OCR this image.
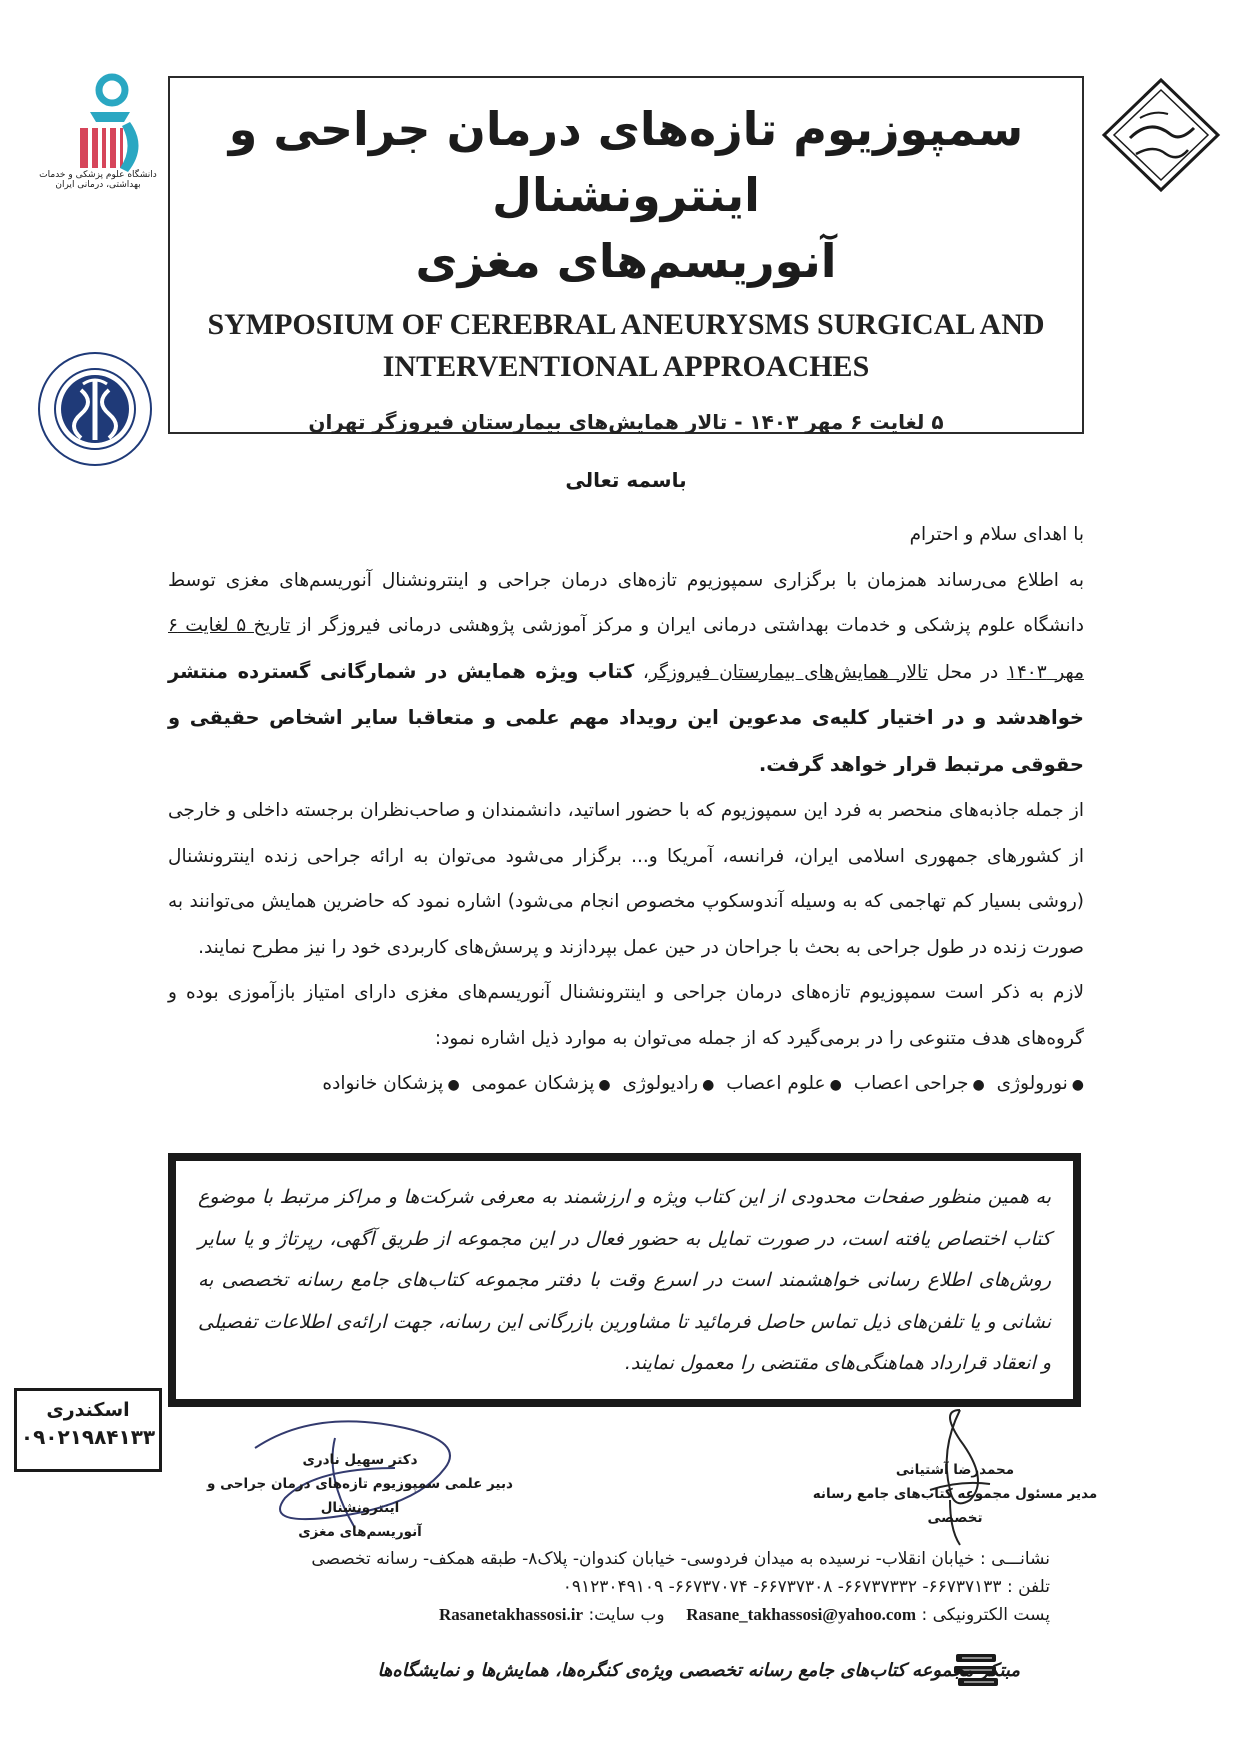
دانشگاه علوم پزشکی و خدمات بهداشتی، درمانی ایران
سمپوزیوم تازه‌های درمان جراحی و اینترونشنال
آنوریسم‌های مغزی
SYMPOSIUM OF CEREBRAL ANEURYSMS SURGICAL AND
INTERVENTIONAL APPROACHES
۵ لغایت ۶ مهر ۱۴۰۳ - تالار همایش‌های بیمارستان فیروزگر تهران
باسمه تعالی

با اهدای سلام و احترام

به اطلاع می‌رساند همزمان با برگزاری سمپوزیوم تازه‌های درمان جراحی و اینترونشنال آنوریسم‌های مغزی توسط دانشگاه علوم پزشکی و خدمات بهداشتی درمانی ایران و مرکز آموزشی پژوهشی درمانی فیروزگر از تاریخ ۵ لغایت ۶ مهر ۱۴۰۳ در محل تالار همایش‌های بیمارستان فیروزگر، کتاب ویژه همایش در شمارگانی گسترده منتشر خواهدشد و در اختیار کلیه‌ی مدعوین این رویداد مهم علمی و متعاقبا سایر اشخاص حقیقی و حقوقی مرتبط قرار خواهد گرفت.

از جمله جاذبه‌های منحصر به فرد این سمپوزیوم که با حضور اساتید، دانشمندان و صاحب‌نظران برجسته داخلی و خارجی از کشورهای جمهوری اسلامی ایران، فرانسه، آمریکا و... برگزار می‌شود می‌توان به ارائه جراحی زنده اینترونشنال (روشی بسیار کم تهاجمی که به وسیله آندوسکوپ مخصوص انجام می‌شود) اشاره نمود که حاضرین همایش می‌توانند به صورت زنده در طول جراحی به بحث با جراحان در حین عمل بپردازند و پرسش‌های کاربردی خود را نیز مطرح نمایند.

لازم به ذکر است سمپوزیوم تازه‌های درمان جراحی و اینترونشنال آنوریسم‌های مغزی دارای امتیاز بازآموزی بوده و گروه‌های هدف متنوعی را در برمی‌گیرد که از جمله می‌توان به موارد ذیل اشاره نمود:

● نورولوژی ● جراحی اعصاب ● علوم اعصاب ● رادیولوژی ● پزشکان عمومی ● پزشکان خانواده
به همین منظور صفحات محدودی از این کتاب ویژه و ارزشمند به معرفی شرکت‌ها و مراکز مرتبط با موضوع کتاب اختصاص یافته است، در صورت تمایل به حضور فعال در این مجموعه از طریق آگهی، رپرتاژ و یا سایر روش‌های اطلاع رسانی خواهشمند است در اسرع وقت با دفتر مجموعه کتاب‌های جامع رسانه تخصصی به نشانی و یا تلفن‌های ذیل تماس حاصل فرمائید تا مشاورین بازرگانی این رسانه، جهت ارائه‌ی اطلاعات تفصیلی و انعقاد قرارداد هماهنگی‌های مقتضی را معمول نمایند.
اسکندری
۰۹۰۲۱۹۸۴۱۳۳
دکتر سهیل نادری
دبیر علمی سمپوزیوم تازه‌های درمان جراحی و اینترونشنال
آنوریسم‌های مغزی
محمدرضا آشتیانی
مدیر مسئول مجموعه کتاب‌های جامع رسانه تخصصی
نشانـــی : خیابان انقلاب- نرسیده به میدان فردوسی- خیابان کندوان- پلاک۸- طبقه همکف- رسانه تخصصی
تلفن : ۶۶۷۳۷۱۳۳- ۶۶۷۳۷۳۳۲- ۶۶۷۳۷۳۰۸- ۶۶۷۳۷۰۷۴- ۰۹۱۲۳۰۴۹۱۰۹
پست الکترونیکی : Rasane_takhassosi@yahoo.com    وب سایت: Rasanetakhassosi.ir
مبتکر مجموعه کتاب‌های جامع رسانه تخصصی ویژه‌ی کنگره‌ها، همایش‌ها و نمایشگاه‌ها
